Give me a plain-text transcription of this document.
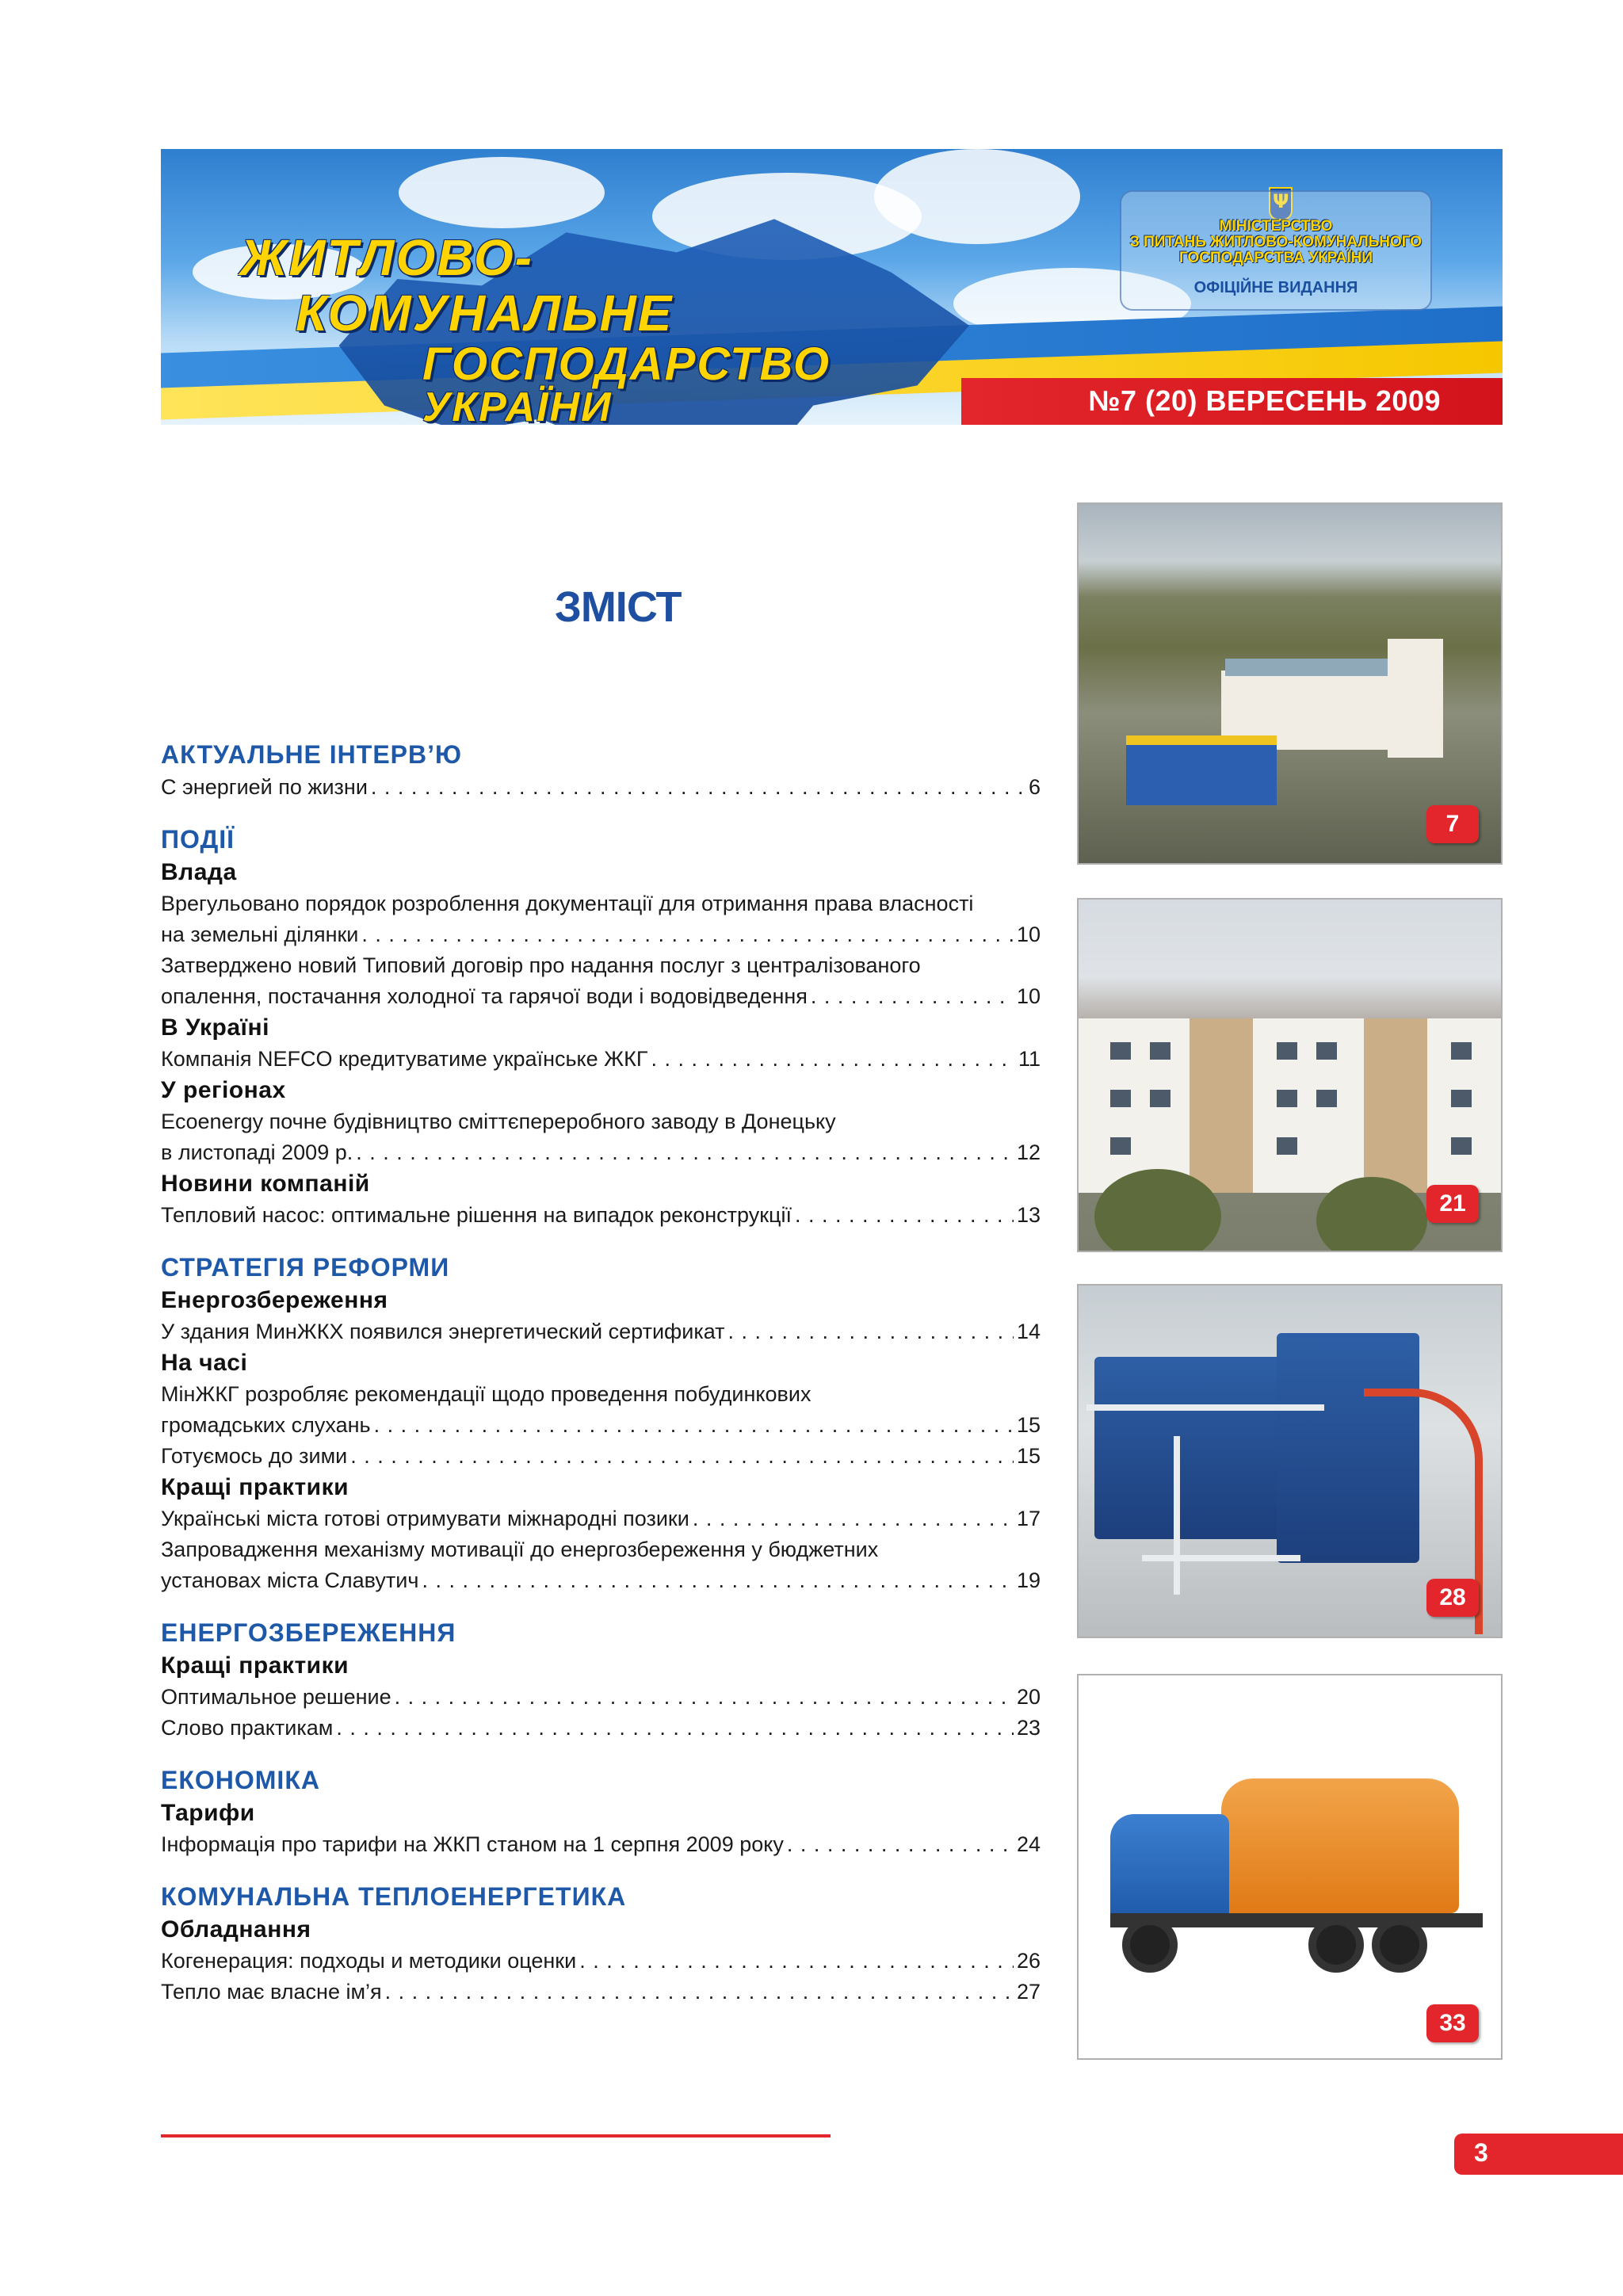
ЖИТЛОВО-
КОМУНАЛЬНЕ
ГОСПОДАРСТВО
УКРАЇНИ
Ψ
МІНІСТЕРСТВО
З ПИТАНЬ ЖИТЛОВО-КОМУНАЛЬНОГО
ГОСПОДАРСТВА УКРАЇНИ
ОФІЦІЙНЕ ВИДАННЯ
№7 (20) ВЕРЕСЕНЬ 2009
ЗМІСТ
АКТУАЛЬНЕ ІНТЕРВ’Ю
С энергией по жизни . . .	6
ПОДІЇ
Влада
Врегульовано порядок розроблення документації для отримання права власності
на земельні ділянки . . .	10
Затверджено новий Типовий договір про надання послуг з централізованого
опалення, постачання холодної та гарячої води і водовідведення . . .	10
В Україні
Компанія NEFCO кредитуватиме українське ЖКГ . . .	11
У регіонах
Ecoenergy почне будівництво сміттєпереробного заводу в Донецьку
в листопаді 2009 р. . . .	12
Новини компаній
Тепловий насос: оптимальне рішення на випадок реконструкції . . .	13
СТРАТЕГІЯ РЕФОРМИ
Енергозбереження
У здания МинЖКХ появился энергетический сертификат . . .	14
На часі
МінЖКГ розробляє рекомендації щодо проведення побудинкових
громадських слухань . . .	15
Готуємось до зими . . .	15
Кращі практики
Українські міста готові отримувати міжнародні позики . . .	17
Запровадження механізму мотивації до енергозбереження у бюджетних
установах міста Славутич . . .	19
ЕНЕРГОЗБЕРЕЖЕННЯ
Кращі практики
Оптимальное решение . . .	20
Слово практикам . . .	23
ЕКОНОМІКА
Тарифи
Інформація про тарифи на ЖКП станом на 1 серпня 2009 року . . .	24
КОМУНАЛЬНА ТЕПЛОЕНЕРГЕТИКА
Обладнання
Когенерация: подходы и методики оценки . . .	26
Тепло має власне ім’я . . .	27
7
21
28
33
3
